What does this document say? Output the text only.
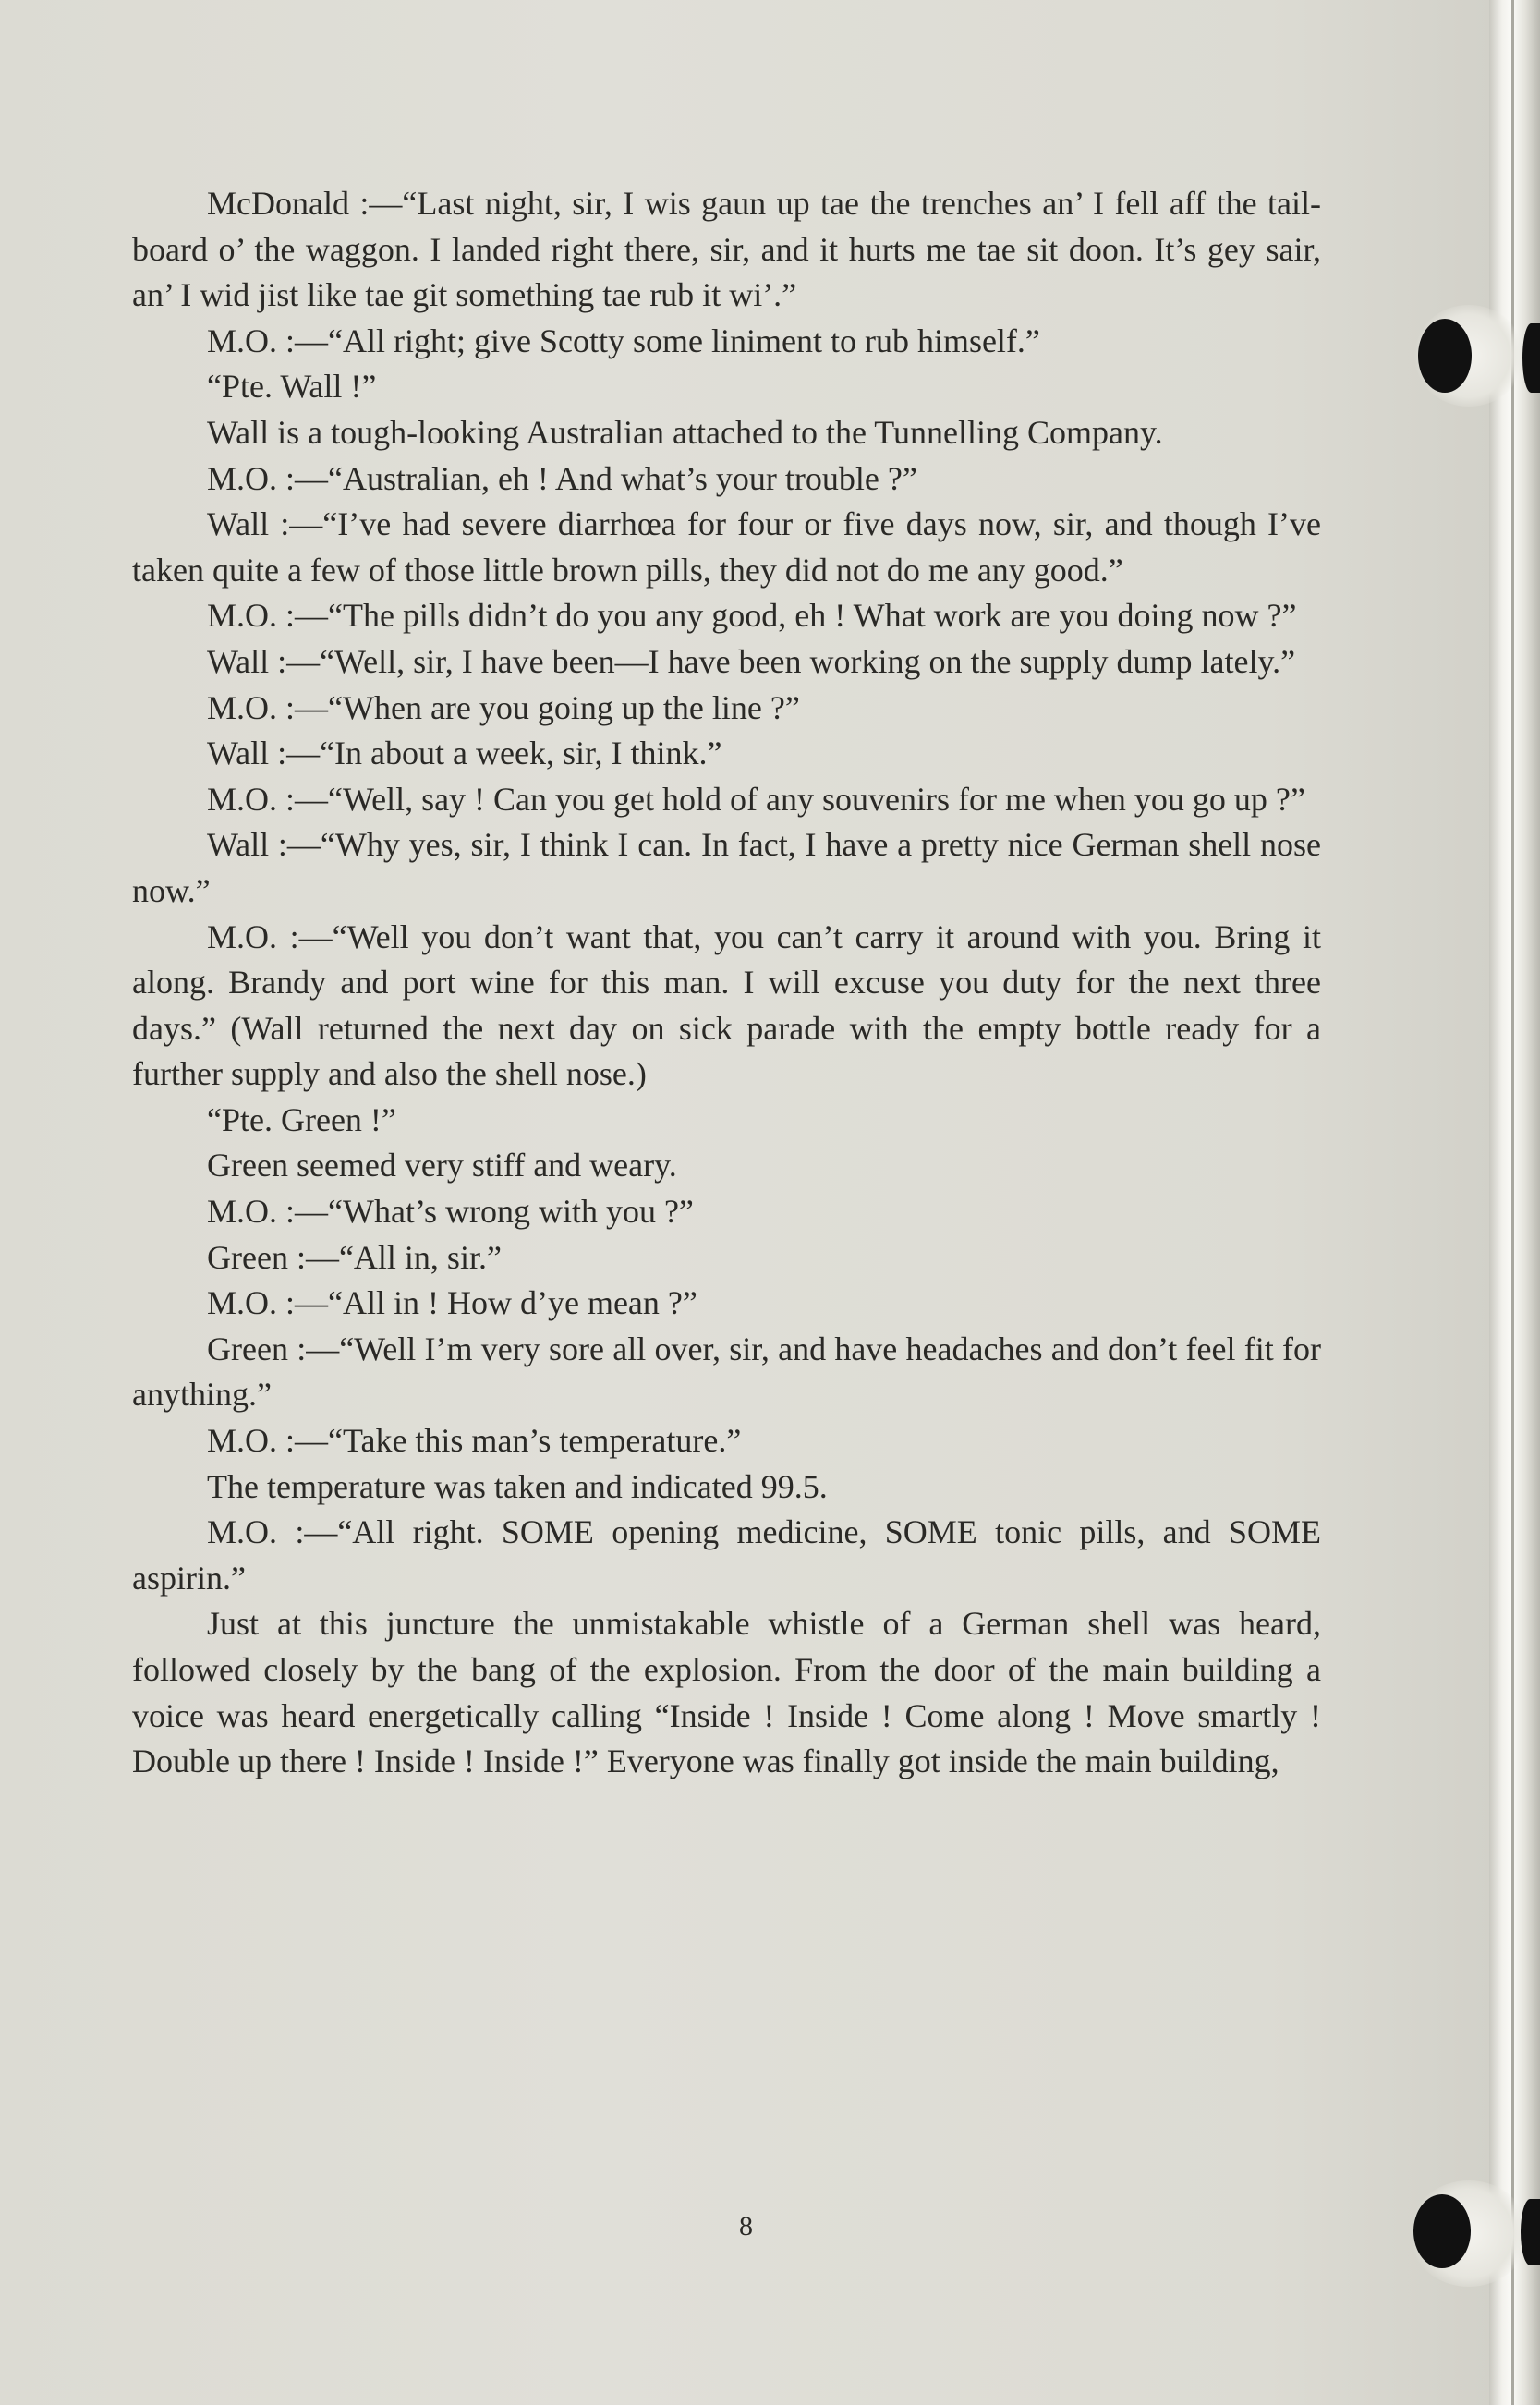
McDonald :—“Last night, sir, I wis gaun up tae the trenches an’ I fell aff the tail-board o’ the waggon. I landed right there, sir, and it hurts me tae sit doon. It’s gey sair, an’ I wid jist like tae git something tae rub it wi’.”

M.O. :—“All right; give Scotty some liniment to rub himself.”

“Pte. Wall !”

Wall is a tough-looking Australian attached to the Tunnelling Company.

M.O. :—“Australian, eh ! And what’s your trouble ?”

Wall :—“I’ve had severe diarrhœa for four or five days now, sir, and though I’ve taken quite a few of those little brown pills, they did not do me any good.”

M.O. :—“The pills didn’t do you any good, eh ! What work are you doing now ?”

Wall :—“Well, sir, I have been—I have been working on the supply dump lately.”

M.O. :—“When are you going up the line ?”

Wall :—“In about a week, sir, I think.”

M.O. :—“Well, say ! Can you get hold of any souvenirs for me when you go up ?”

Wall :—“Why yes, sir, I think I can. In fact, I have a pretty nice German shell nose now.”

M.O. :—“Well you don’t want that, you can’t carry it around with you. Bring it along. Brandy and port wine for this man. I will excuse you duty for the next three days.” (Wall returned the next day on sick parade with the empty bottle ready for a further supply and also the shell nose.)

“Pte. Green !”

Green seemed very stiff and weary.

M.O. :—“What’s wrong with you ?”

Green :—“All in, sir.”

M.O. :—“All in ! How d’ye mean ?”

Green :—“Well I’m very sore all over, sir, and have headaches and don’t feel fit for anything.”

M.O. :—“Take this man’s temperature.”

The temperature was taken and indicated 99.5.

M.O. :—“All right. SOME opening medicine, SOME tonic pills, and SOME aspirin.”

Just at this juncture the unmistakable whistle of a German shell was heard, followed closely by the bang of the explosion. From the door of the main building a voice was heard energetically calling “Inside ! Inside ! Come along ! Move smartly ! Double up there ! Inside ! Inside !” Everyone was finally got inside the main building,

8
